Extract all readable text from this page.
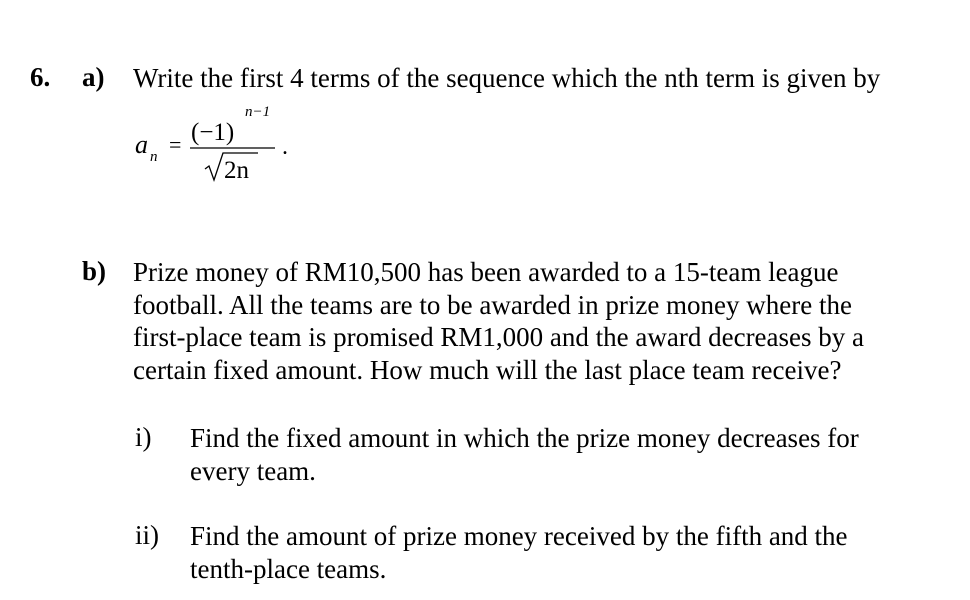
6. a) Write the first 4 terms of the sequence which the nth term is given by
a n = (−1)
n−1
2n
.
b) Prize money of RM10,500 has been awarded to a 15-team league
football. All the teams are to be awarded in prize money where the
first-place team is promised RM1,000 and the award decreases by a
certain fixed amount. How much will the last place team receive?
i) Find the fixed amount in which the prize money decreases for
every team.
ii) Find the amount of prize money received by the fifth and the
tenth-place teams.
